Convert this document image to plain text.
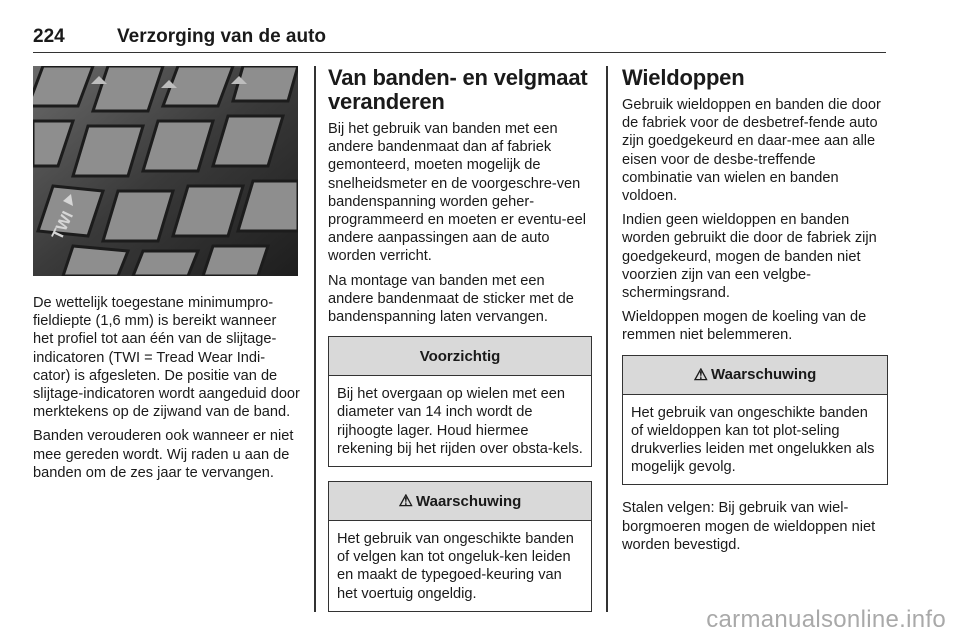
224	Verzorging van de auto
TWI

De wettelijk toegestane minimumpro-fieldiepte (1,6 mm) is bereikt wanneer het profiel tot aan één van de slijtage-indicatoren (TWI = Tread Wear Indi-cator) is afgesleten. De positie van de slijtage-indicatoren wordt aangeduid door merktekens op de zijwand van de band.

Banden verouderen ook wanneer er niet mee gereden wordt. Wij raden u aan de banden om de zes jaar te vervangen.

Van banden- en velgmaat veranderen

Bij het gebruik van banden met een andere bandenmaat dan af fabriek gemonteerd, moeten mogelijk de snelheidsmeter en de voorgeschre-ven bandenspanning worden geher-programmeerd en moeten er eventu-eel andere aanpassingen aan de auto worden verricht.

Na montage van banden met een andere bandenmaat de sticker met de bandenspanning laten vervangen.

Voorzichtig

Bij het overgaan op wielen met een diameter van 14 inch wordt de rijhoogte lager. Houd hiermee rekening bij het rijden over obsta-kels.

⚠ Waarschuwing

Het gebruik van ongeschikte banden of velgen kan tot ongeluk-ken leiden en maakt de typegoed-keuring van het voertuig ongeldig.

Wieldoppen

Gebruik wieldoppen en banden die door de fabriek voor de desbetref-fende auto zijn goedgekeurd en daar-mee aan alle eisen voor de desbe-treffende combinatie van wielen en banden voldoen.

Indien geen wieldoppen en banden worden gebruikt die door de fabriek zijn goedgekeurd, mogen de banden niet voorzien zijn van een velgbe-schermingsrand.

Wieldoppen mogen de koeling van de remmen niet belemmeren.

⚠ Waarschuwing

Het gebruik van ongeschikte banden of wieldoppen kan tot plot-seling drukverlies leiden met ongelukken als mogelijk gevolg.

Stalen velgen: Bij gebruik van wiel-borgmoeren mogen de wieldoppen niet worden bevestigd.

carmanualsonline.info
